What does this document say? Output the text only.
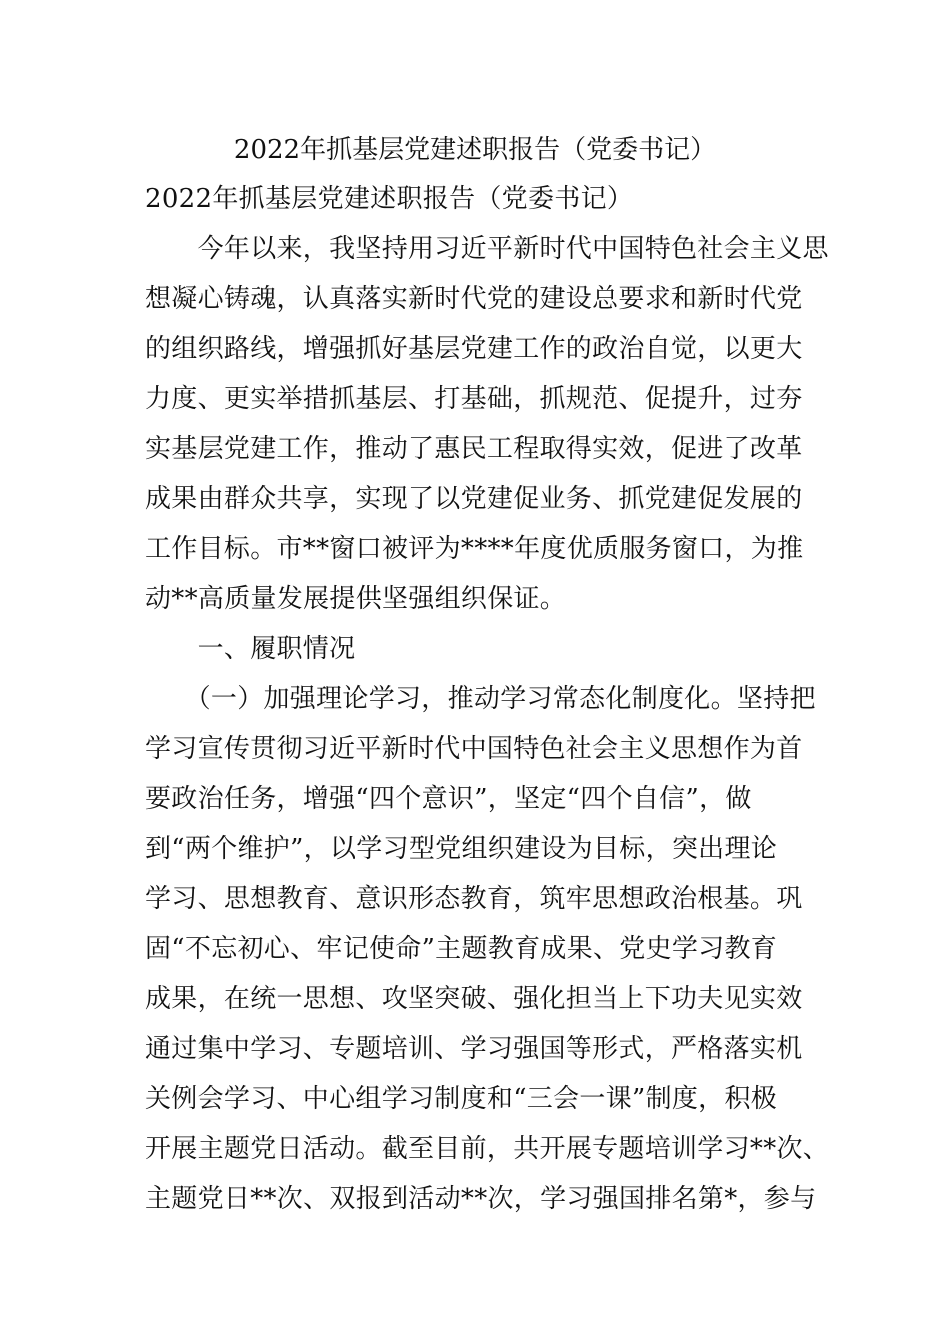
2022年抓基层党建述职报告（党委书记）
2022年抓基层党建述职报告（党委书记）
　　今年以来，我坚持用习近平新时代中国特色社会主义思
想凝心铸魂，认真落实新时代党的建设总要求和新时代党
的组织路线，增强抓好基层党建工作的政治自觉，以更大
力度、更实举措抓基层、打基础，抓规范、促提升，过夯
实基层党建工作，推动了惠民工程取得实效，促进了改革
成果由群众共享，实现了以党建促业务、抓党建促发展的
工作目标。市**窗口被评为****年度优质服务窗口，为推
动**高质量发展提供坚强组织保证。
　　一、履职情况
　　（一）加强理论学习，推动学习常态化制度化。坚持把
学习宣传贯彻习近平新时代中国特色社会主义思想作为首
要政治任务，增强“四个意识”，坚定“四个自信”，做
到“两个维护”，以学习型党组织建设为目标，突出理论
学习、思想教育、意识形态教育，筑牢思想政治根基。巩
固“不忘初心、牢记使命”主题教育成果、党史学习教育
成果，在统一思想、攻坚突破、强化担当上下功夫见实效
通过集中学习、专题培训、学习强国等形式，严格落实机
关例会学习、中心组学习制度和“三会一课”制度，积极
开展主题党日活动。截至目前，共开展专题培训学习**次、
主题党日**次、双报到活动**次，学习强国排名第*，参与
